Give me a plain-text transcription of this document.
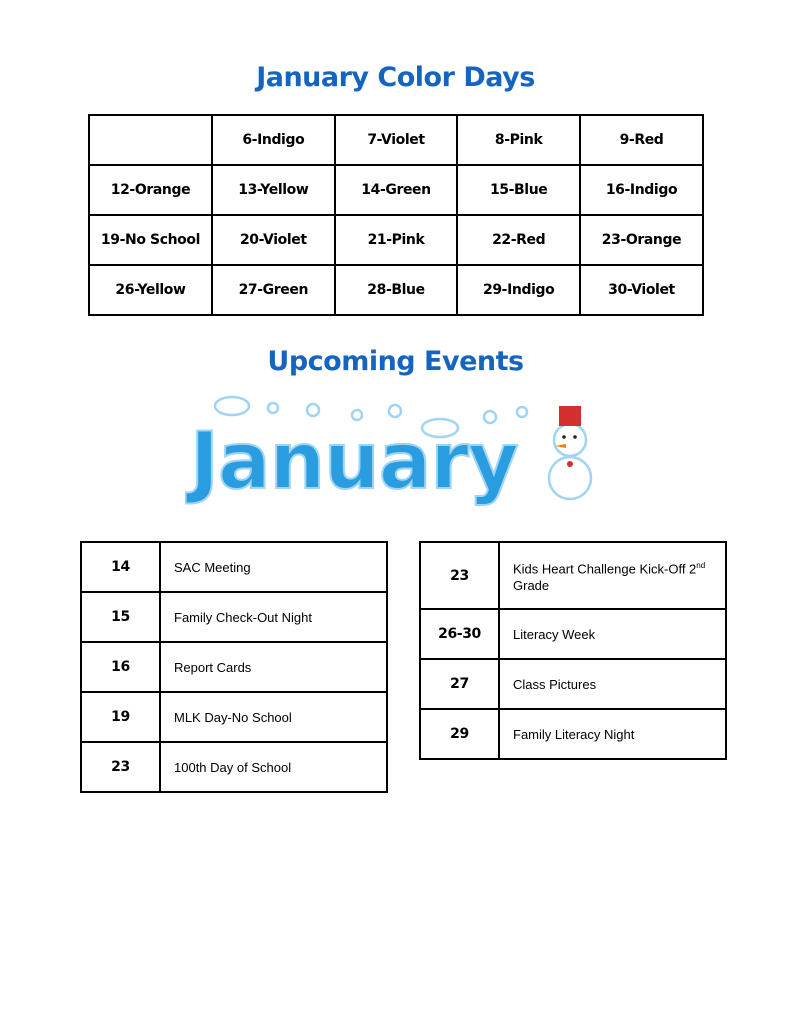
January Color Days
	6-Indigo	7-Violet	8-Pink	9-Red
12-Orange	13-Yellow	14-Green	15-Blue	16-Indigo
19-No School	20-Violet	21-Pink	22-Red	23-Orange
26-Yellow	27-Green	28-Blue	29-Indigo	30-Violet
Upcoming Events
January
14	SAC Meeting
15	Family Check-Out Night
16	Report Cards
19	MLK Day-No School
23	100th Day of School
23	Kids Heart Challenge Kick-Off 2nd Grade
26-30	Literacy Week
27	Class Pictures
29	Family Literacy Night
